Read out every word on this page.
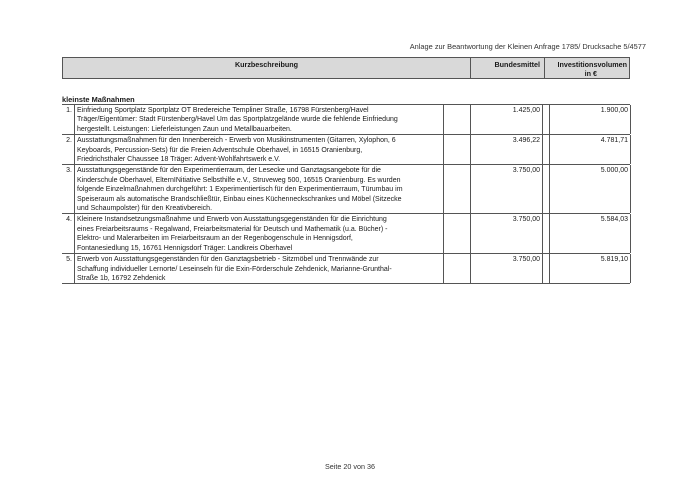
Anlage zur Beantwortung der Kleinen Anfrage 1785/ Drucksache 5/4577
Kurzbeschreibung	Bundesmittel	Investitionsvolumen
in €
kleinste Maßnahmen
1. Einfriedung Sportplatz Sportplatz OT Bredereiche Templiner Straße, 16798 Fürstenberg/Havel
Träger/Eigentümer: Stadt Fürstenberg/Havel Um das Sportplatzgelände wurde die fehlende Einfriedung
hergestellt. Leistungen: Lieferleistungen Zaun und Metallbauarbeiten.
1.425,00	1.900,00
2. Ausstattungsmaßnahmen für den Innenbereich - Erwerb von Musikinstrumenten (Gitarren, Xylophon, 6
Keyboards, Percussion-Sets) für die Freien Adventschule Oberhavel, in 16515 Oranienburg,
Friedrichsthaler Chaussee 18 Träger: Advent-Wohlfahrtswerk e.V.
3.496,22	4.781,71
3. Ausstattungsgegenstände für den Experimentierraum, der Lesecke und Ganztagsangebote für die
Kinderschule Oberhavel, ElternINitiative Selbsthilfe e.V., Struveweg 500, 16515 Oranienburg. Es wurden
folgende Einzelmaßnahmen durchgeführt: 1 Experimentiertisch für den Experimentierraum, Türumbau im
Speiseraum als automatische Brandschließtür, Einbau eines Küchenneckschrankes und Möbel (Sitzecke
und Schaumpolster) für den Kreativbereich.
3.750,00	5.000,00
4. Kleinere Instandsetzungsmaßnahme und Erwerb von Ausstattungsgegenständen für die Einrichtung
eines Freiarbeitsraums - Regalwand, Freiarbeitsmaterial für Deutsch und Mathematik (u.a. Bücher) -
Elektro- und Malerarbeiten im Freiarbeitsraum an der Regenbogenschule in Hennigsdorf,
Fontanesiedlung 15, 16761 Hennigsdorf Träger: Landkreis Oberhavel
3.750,00	5.584,03
5. Erwerb von Ausstattungsgegenständen für den Ganztagsbetrieb - Sitzmöbel und Trennwände zur
Schaffung individueller Lernorte/ Leseinseln für die Exin-Förderschule Zehdenick, Marianne-Grunthal-
Straße 1b, 16792 Zehdenick
3.750,00	5.819,10
Seite 20 von 36
